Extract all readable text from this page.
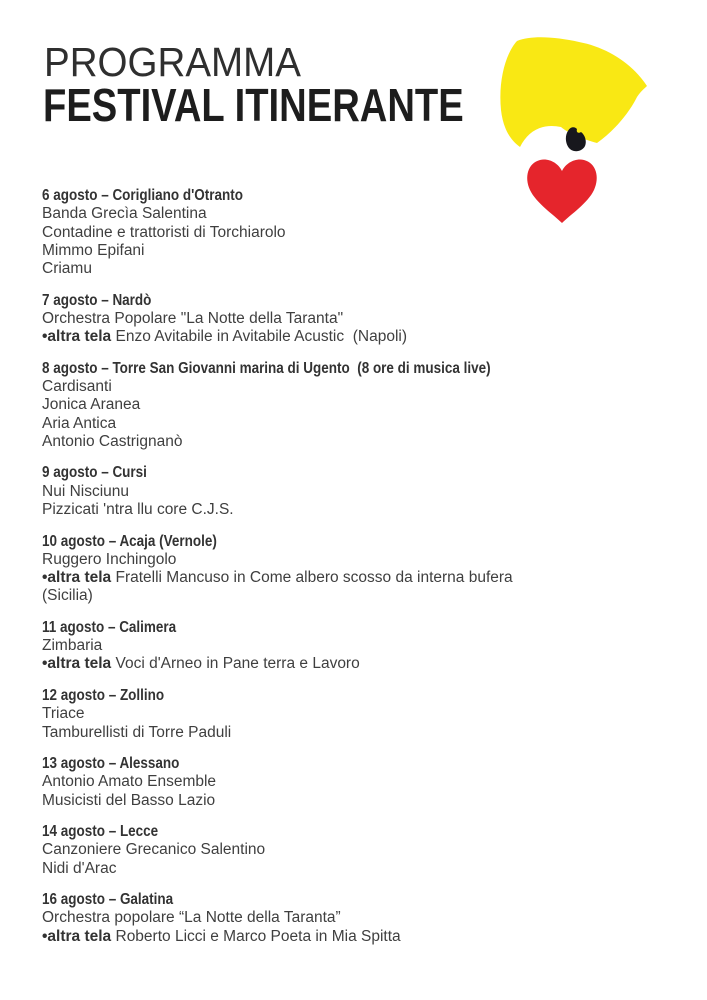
PROGRAMMA
FESTIVAL ITINERANTE
6 agosto – Corigliano d'Otranto
Banda Grecìa Salentina
Contadine e trattoristi di Torchiarolo
Mimmo Epifani
Criamu
7 agosto – Nardò
Orchestra Popolare "La Notte della Taranta"
•altra tela Enzo Avitabile in Avitabile Acustic  (Napoli)
8 agosto – Torre San Giovanni marina di Ugento  (8 ore di musica live)
Cardisanti
Jonica Aranea
Aria Antica
Antonio Castrignanò
9 agosto – Cursi
Nui Nisciunu
Pizzicati 'ntra llu core C.J.S.
10 agosto – Acaja (Vernole)
Ruggero Inchingolo
•altra tela Fratelli Mancuso in Come albero scosso da interna bufera
(Sicilia)
11 agosto – Calimera
Zimbaria
•altra tela Voci d'Arneo in Pane terra e Lavoro
12 agosto – Zollino
Triace
Tamburellisti di Torre Paduli
13 agosto – Alessano
Antonio Amato Ensemble
Musicisti del Basso Lazio
14 agosto – Lecce
Canzoniere Grecanico Salentino
Nidi d'Arac
16 agosto – Galatina
Orchestra popolare “La Notte della Taranta”
•altra tela Roberto Licci e Marco Poeta in Mia Spitta
